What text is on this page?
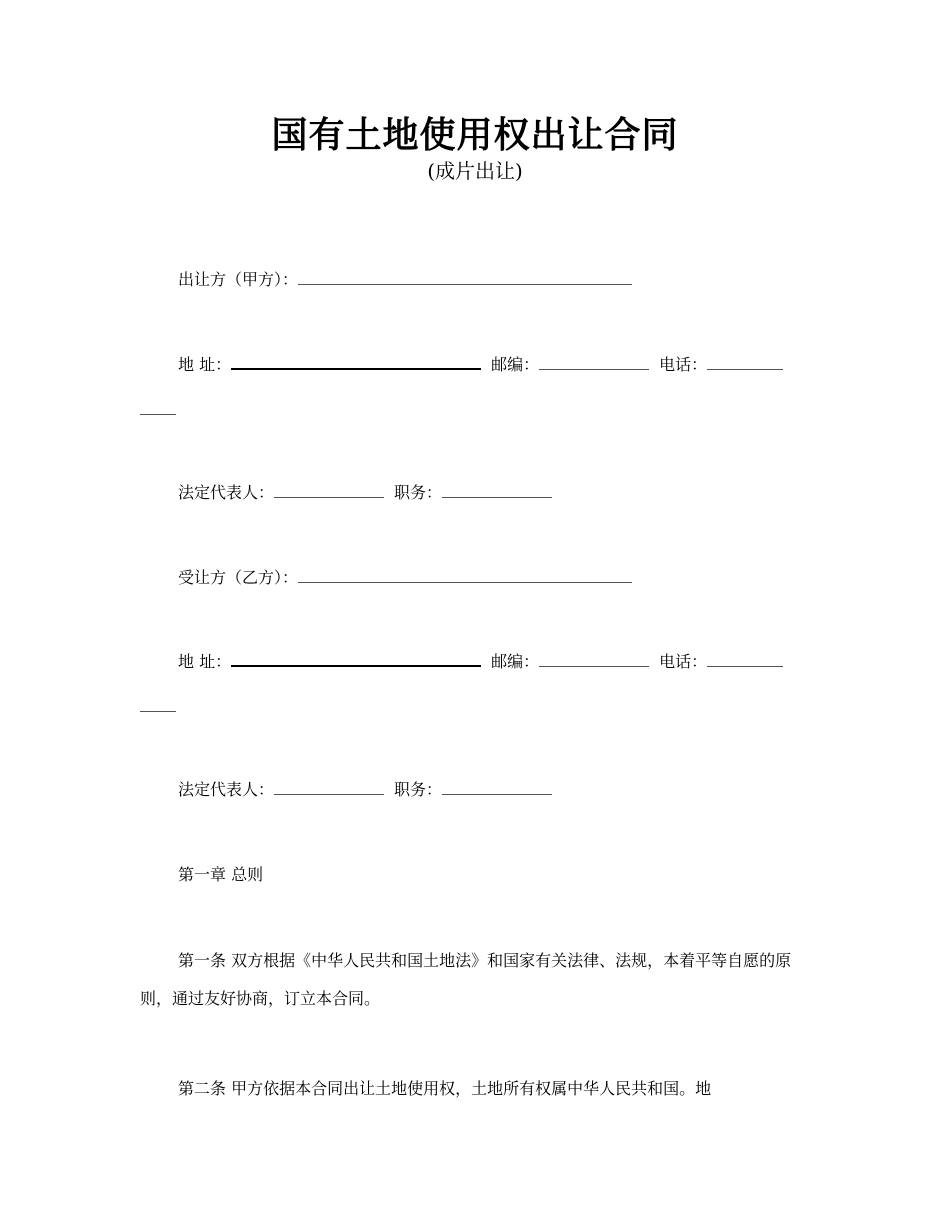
国有土地使用权出让合同
(成片出让)
出让方（甲方）：
地 址：	邮编：	电话：
法定代表人：	职务：
受让方（乙方）：
地 址：	邮编：	电话：
法定代表人：	职务：
第一章 总则
第一条 双方根据《中华人民共和国土地法》和国家有关法律、法规，本着平等自愿的原则，通过友好协商，订立本合同。
第二条 甲方依据本合同出让土地使用权，土地所有权属中华人民共和国。地
